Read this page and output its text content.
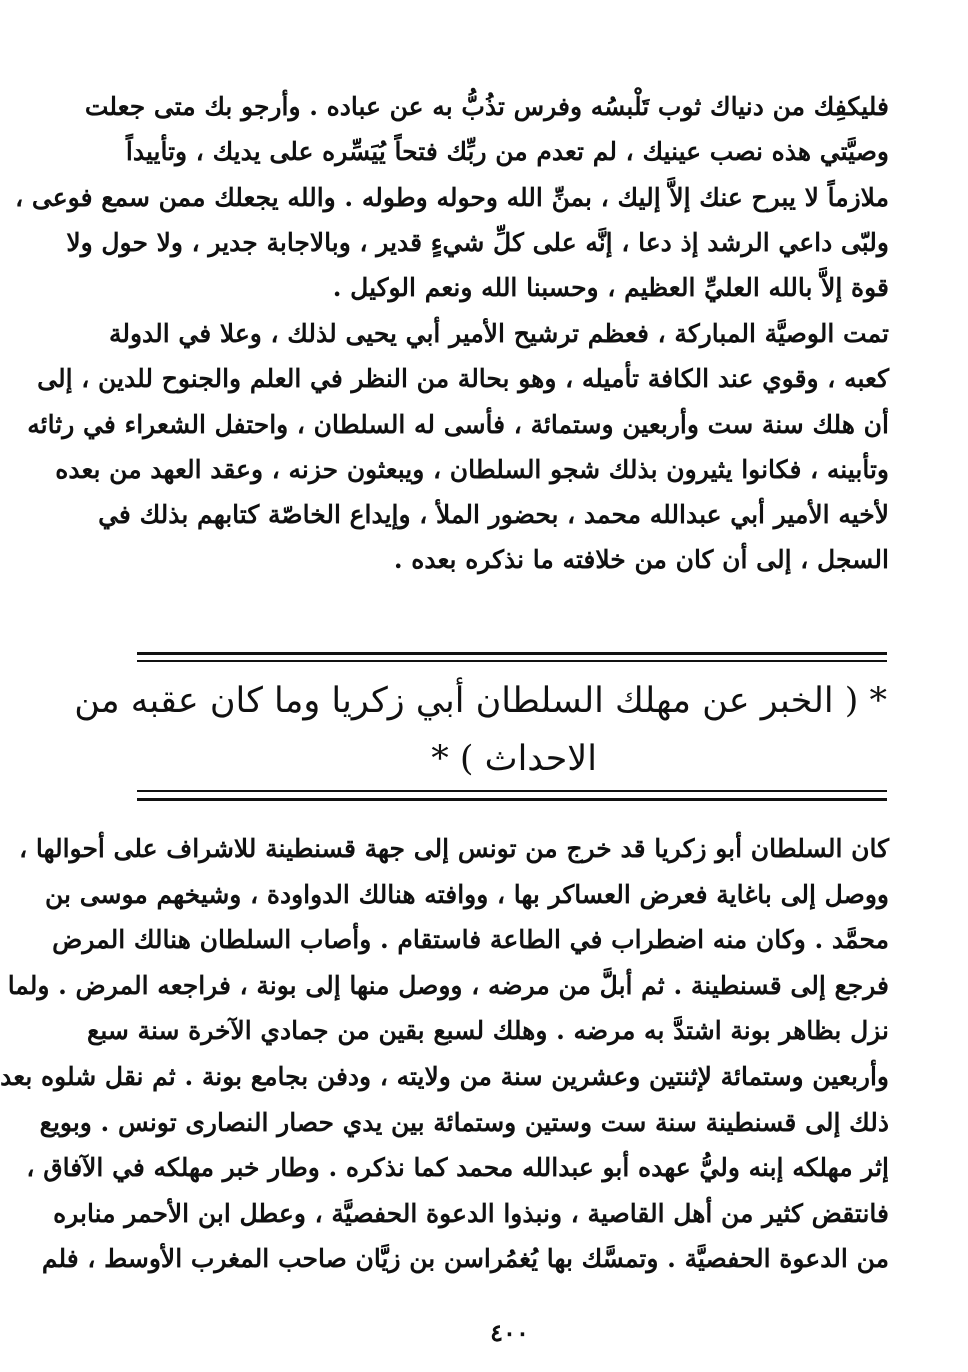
فليكفِك من دنياك ثوب تَلْبسُه وفرس تذُبُّ به عن عباده . وأرجو بك متى جعلت
وصيَّتي هذه نصب عينيك ، لم تعدم من ربِّك فتحاً يُيَسِّره على يديك ، وتأييداً
ملازماً لا يبرح عنك إلاَّ إليك ، بمنِّ الله وحوله وطوله . والله يجعلك ممن سمع فوعى ،
ولبّى داعي الرشد إذ دعا ، إنَّه على كلِّ شيءٍ قدير ، وبالاجابة جدير ، ولا حول ولا
قوة إلاَّ بالله العليِّ العظيم ، وحسبنا الله ونعم الوكيل .
تمت الوصيَّة المباركة ، فعظم ترشيح الأمير أبي يحيى لذلك ، وعلا في الدولة
كعبه ، وقوي عند الكافة تأميله ، وهو بحالة من النظر في العلم والجنوح للدين ، إلى
أن هلك سنة ست وأربعين وستمائة ، فأسى له السلطان ، واحتفل الشعراء في رثائه
وتأبينه ، فكانوا يثيرون بذلك شجو السلطان ، ويبعثون حزنه ، وعقد العهد من بعده
لأخيه الأمير أبي عبدالله محمد ، بحضور الملأ ، وإيداع الخاصّة كتابهم بذلك في
السجل ، إلى أن كان من خلافته ما نذكره بعده .
* ( الخبر عن مهلك السلطان أبي زكريا وما كان عقبه من
الاحداث ) *
كان السلطان أبو زكريا قد خرج من تونس إلى جهة قسنطينة للاشراف على أحوالها ،
ووصل إلى باغاية فعرض العساكر بها ، ووافته هنالك الدواودة ، وشيخهم موسى بن
محمَّد . وكان منه اضطراب في الطاعة فاستقام . وأصاب السلطان هنالك المرض
فرجع إلى قسنطينة . ثم أبلَّ من مرضه ، ووصل منها إلى بونة ، فراجعه المرض . ولما
نزل بظاهر بونة اشتدَّ به مرضه . وهلك لسبع بقين من جمادي الآخرة سنة سبع
وأربعين وستمائة لإثنتين وعشرين سنة من ولايته ، ودفن بجامع بونة . ثم نقل شلوه بعد
ذلك إلى قسنطينة سنة ست وستين وستمائة بين يدي حصار النصارى تونس . وبويع
إثر مهلكه إبنه وليُّ عهده أبو عبدالله محمد كما نذكره . وطار خبر مهلكه في الآفاق ،
فانتقض كثير من أهل القاصية ، ونبذوا الدعوة الحفصيَّة ، وعطل ابن الأحمر منابره
من الدعوة الحفصيَّة . وتمسَّك بها يُغمُراسن بن زيَّان صاحب المغرب الأوسط ، فلم
٤٠٠
